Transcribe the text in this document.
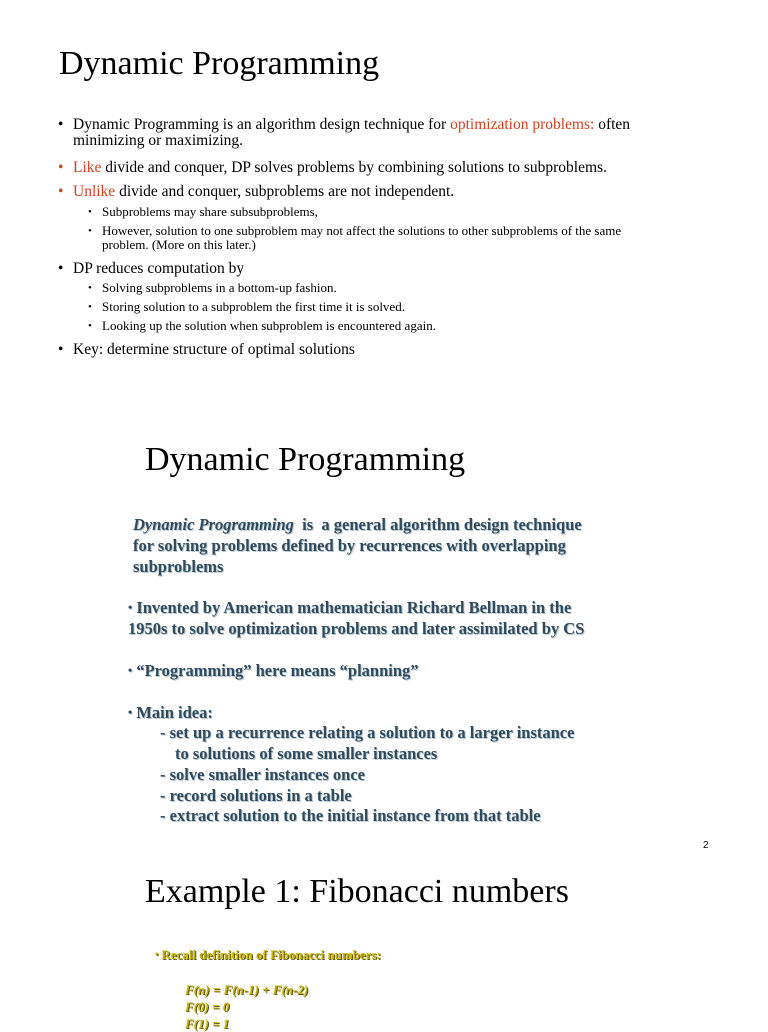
Dynamic Programming
• Dynamic Programming is an algorithm design technique for optimization problems: often
minimizing or maximizing.
• Like divide and conquer, DP solves problems by combining solutions to subproblems.
• Unlike divide and conquer, subproblems are not independent.
• Subproblems may share subsubproblems,
• However, solution to one subproblem may not affect the solutions to other subproblems of the same
problem. (More on this later.)
• DP reduces computation by
• Solving subproblems in a bottom-up fashion.
• Storing solution to a subproblem the first time it is solved.
• Looking up the solution when subproblem is encountered again.
• Key: determine structure of optimal solutions
Dynamic Programming
Dynamic Programming  is  a general algorithm design technique
for solving problems defined by recurrences with overlapping
subproblems
• Invented by American mathematician Richard Bellman in the
1950s to solve optimization problems and later assimilated by CS
• “Programming” here means “planning”
• Main idea:
- set up a recurrence relating a solution to a larger instance
to solutions of some smaller instances
- solve smaller instances once
- record solutions in a table
- extract solution to the initial instance from that table
2
Example 1: Fibonacci numbers
• Recall definition of Fibonacci numbers:
F(n) = F(n-1) + F(n-2)
F(0) = 0
F(1) = 1
